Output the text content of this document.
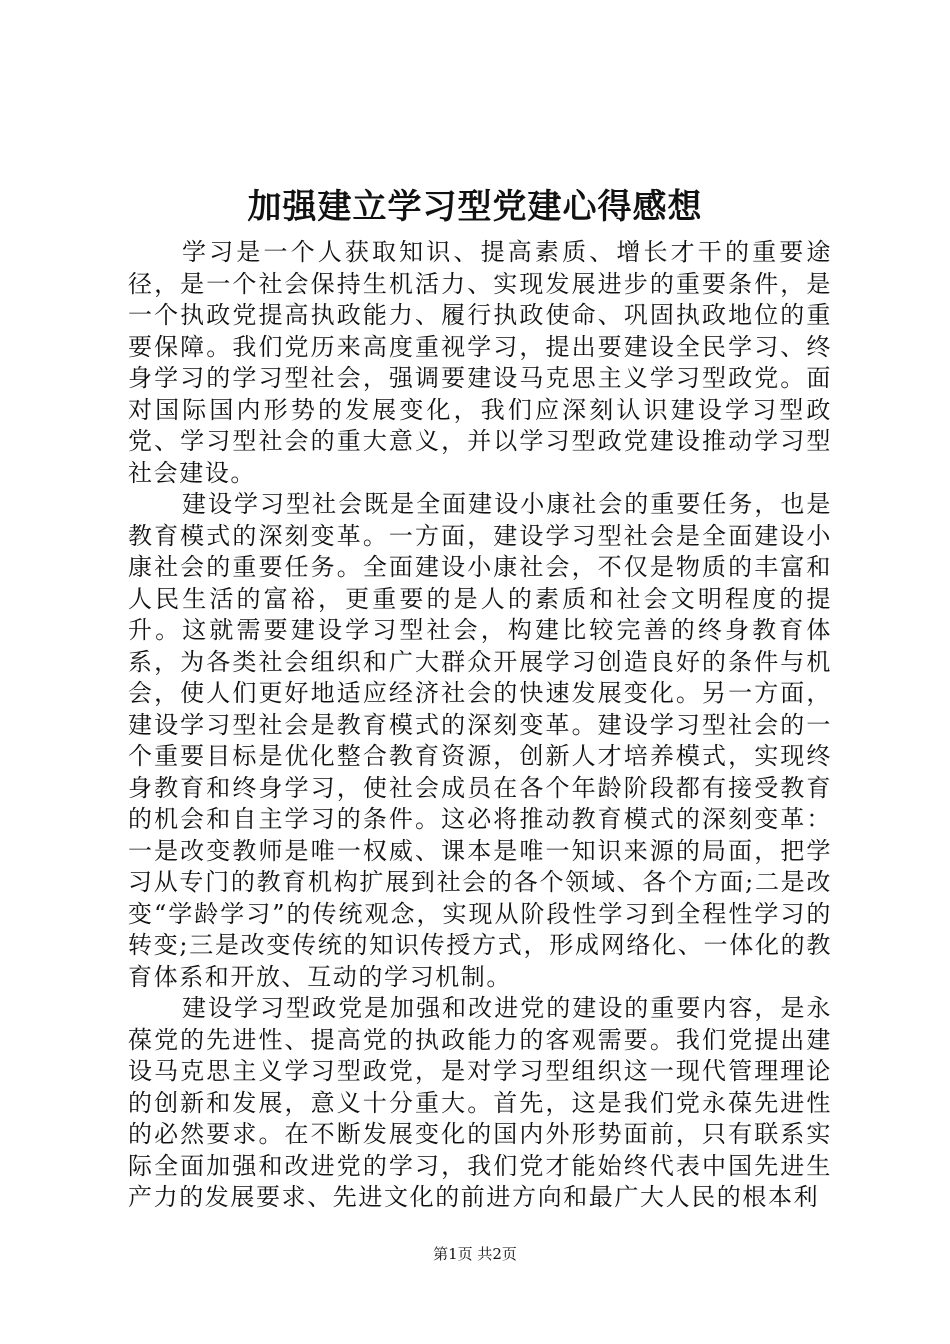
加强建立学习型党建心得感想

学习是一个人获取知识、提高素质、增长才干的重要途径，是一个社会保持生机活力、实现发展进步的重要条件，是一个执政党提高执政能力、履行执政使命、巩固执政地位的重要保障。我们党历来高度重视学习，提出要建设全民学习、终身学习的学习型社会，强调要建设马克思主义学习型政党。面对国际国内形势的发展变化，我们应深刻认识建设学习型政党、学习型社会的重大意义，并以学习型政党建设推动学习型社会建设。

建设学习型社会既是全面建设小康社会的重要任务，也是教育模式的深刻变革。一方面，建设学习型社会是全面建设小康社会的重要任务。全面建设小康社会，不仅是物质的丰富和人民生活的富裕，更重要的是人的素质和社会文明程度的提升。这就需要建设学习型社会，构建比较完善的终身教育体系，为各类社会组织和广大群众开展学习创造良好的条件与机会，使人们更好地适应经济社会的快速发展变化。另一方面，建设学习型社会是教育模式的深刻变革。建设学习型社会的一个重要目标是优化整合教育资源，创新人才培养模式，实现终身教育和终身学习，使社会成员在各个年龄阶段都有接受教育的机会和自主学习的条件。这必将推动教育模式的深刻变革：一是改变教师是唯一权威、课本是唯一知识来源的局面，把学习从专门的教育机构扩展到社会的各个领域、各个方面;二是改变“学龄学习”的传统观念，实现从阶段性学习到全程性学习的转变;三是改变传统的知识传授方式，形成网络化、一体化的教育体系和开放、互动的学习机制。

建设学习型政党是加强和改进党的建设的重要内容，是永葆党的先进性、提高党的执政能力的客观需要。我们党提出建设马克思主义学习型政党，是对学习型组织这一现代管理理论的创新和发展，意义十分重大。首先，这是我们党永葆先进性的必然要求。在不断发展变化的国内外形势面前，只有联系实际全面加强和改进党的学习，我们党才能始终代表中国先进生产力的发展要求、先进文化的前进方向和最广大人民的根本利

第1页 共2页
